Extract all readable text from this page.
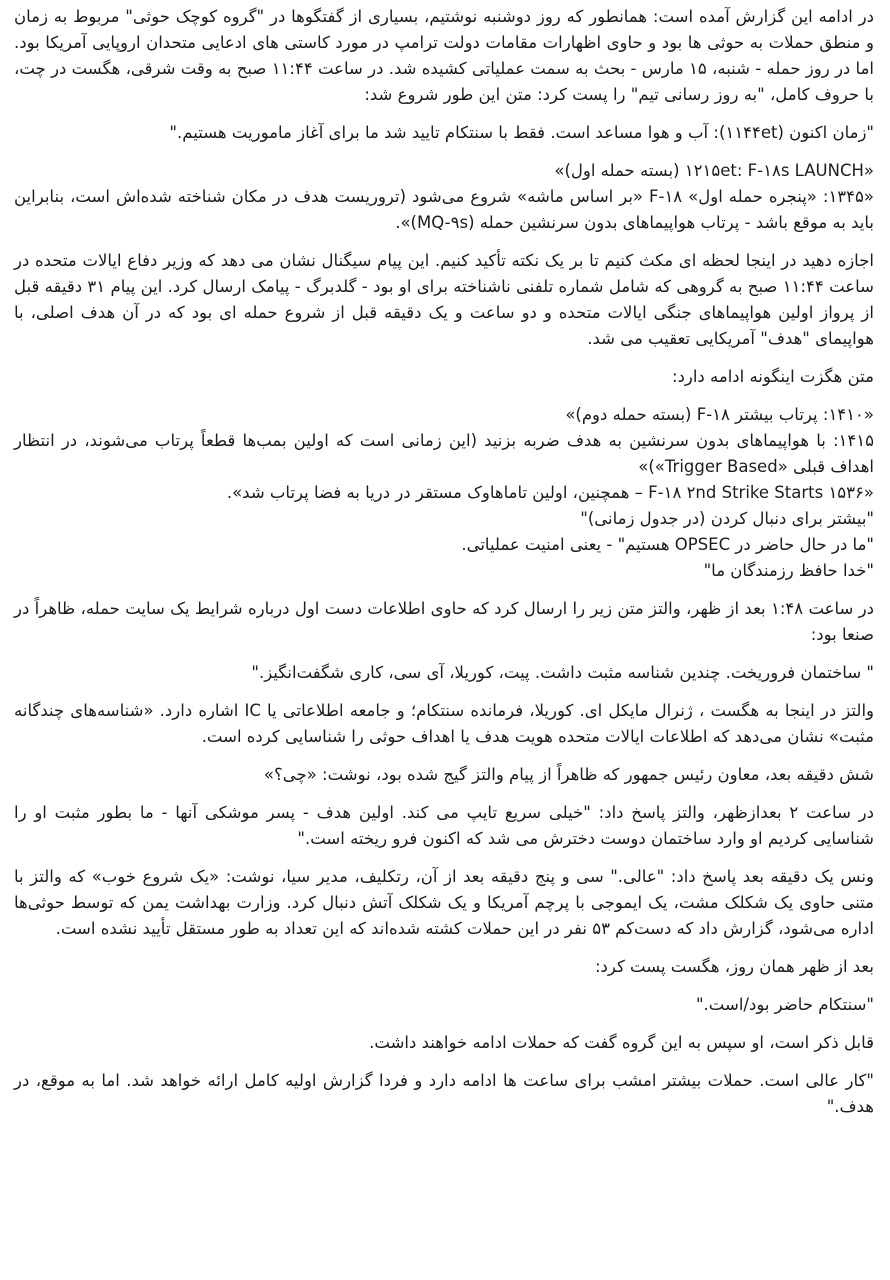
در ادامه این گزارش آمده است: همانطور که روز دوشنبه نوشتیم، بسیاری از گفتگوها در "گروه کوچک حوثی" مربوط به زمان و منطق حملات به حوثی ها بود و حاوی اظهارات مقامات دولت ترامپ در مورد کاستی های ادعایی متحدان اروپایی آمریکا بود. اما در روز حمله - شنبه، ۱۵ مارس - بحث به سمت عملیاتی کشیده شد. در ساعت ۱۱:۴۴ صبح به وقت شرقی، هگست در چت، با حروف کامل، "به روز رسانی تیم" را پست کرد: متن این طور شروع شد:

"زمان اکنون (۱۱۴۴et): آب و هوا مساعد است. فقط با سنتکام تایید شد ما برای آغاز ماموریت هستیم."

«۱۲۱۵et: F-۱۸s LAUNCH (بسته حمله اول)»
«۱۳۴۵: «پنجره حمله اول» F-۱۸ «بر اساس ماشه» شروع می‌شود (تروریست هدف در مکان شناخته شده‌اش است، بنابراین باید به موقع باشد - پرتاب هواپیماهای بدون سرنشین حمله (MQ-۹s)».

اجازه دهید در اینجا لحظه ای مکث کنیم تا بر یک نکته تأکید کنیم. این پیام سیگنال نشان می دهد که وزیر دفاع ایالات متحده در ساعت ۱۱:۴۴ صبح به گروهی که شامل شماره تلفنی ناشناخته برای او بود - گلدبرگ - پیامک ارسال کرد. این پیام ۳۱ دقیقه قبل از پرواز اولین هواپیماهای جنگی ایالات متحده و دو ساعت و یک دقیقه قبل از شروع حمله ای بود که در آن هدف اصلی، با هواپیمای "هدف" آمریکایی تعقیب می شد.

متن هگزت اینگونه ادامه دارد:

«۱۴۱۰: پرتاب بیشتر F-۱۸ (بسته حمله دوم)»
۱۴۱۵: با هواپیماهای بدون سرنشین به هدف ضربه بزنید (این زمانی است که اولین بمب‌ها قطعاً پرتاب می‌شوند، در انتظار اهداف قبلی «Trigger Based»)»
«۱۵۳۶ F-۱۸ ۲nd Strike Starts – همچنین، اولین تاماهاوک مستقر در دریا به فضا پرتاب شد».
"بیشتر برای دنبال کردن (در جدول زمانی)"
"ما در حال حاضر در OPSEC هستیم" - یعنی امنیت عملیاتی.
"خدا حافظ رزمندگان ما"

در ساعت ۱:۴۸ بعد از ظهر، والتز متن زیر را ارسال کرد که حاوی اطلاعات دست اول درباره شرایط یک سایت حمله، ظاهراً در صنعا بود:

" ساختمان فروریخت. چندین شناسه مثبت داشت. پیت، کوریلا، آی سی، کاری شگفت‌انگیز."

والتز در اینجا به هگست ، ژنرال مایکل ای. کوریلا، فرمانده سنتکام؛ و جامعه اطلاعاتی یا IC اشاره دارد. «شناسه‌های چندگانه مثبت» نشان می‌دهد که اطلاعات ایالات متحده هویت هدف یا اهداف حوثی را شناسایی کرده است.

شش دقیقه بعد، معاون رئیس جمهور که ظاهراً از پیام والتز گیج شده بود، نوشت: «چی؟»

در ساعت ۲ بعدازظهر، والتز پاسخ داد: "خیلی سریع تایپ می کند. اولین هدف - پسر موشکی آنها - ما بطور مثبت او را شناسایی کردیم او وارد ساختمان دوست دخترش می شد که اکنون فرو ریخته است."

ونس یک دقیقه بعد پاسخ داد: "عالی." سی و پنج دقیقه بعد از آن، رتکلیف، مدیر سیا، نوشت: «یک شروع خوب» که والتز با متنی حاوی یک شکلک مشت، یک ایموجی با پرچم آمریکا و یک شکلک آتش دنبال کرد. وزارت بهداشت یمن که توسط حوثی‌ها اداره می‌شود، گزارش داد که دست‌کم ۵۳ نفر در این حملات کشته شده‌اند که این تعداد به طور مستقل تأیید نشده است.

بعد از ظهر همان روز، هگست پست کرد:

"سنتکام حاضر بود/است."

قابل ذکر است، او سپس به این گروه گفت که حملات ادامه خواهند داشت.

"کار عالی است. حملات بیشتر امشب برای ساعت ها ادامه دارد و فردا گزارش اولیه کامل ارائه خواهد شد. اما به موقع، در هدف."
